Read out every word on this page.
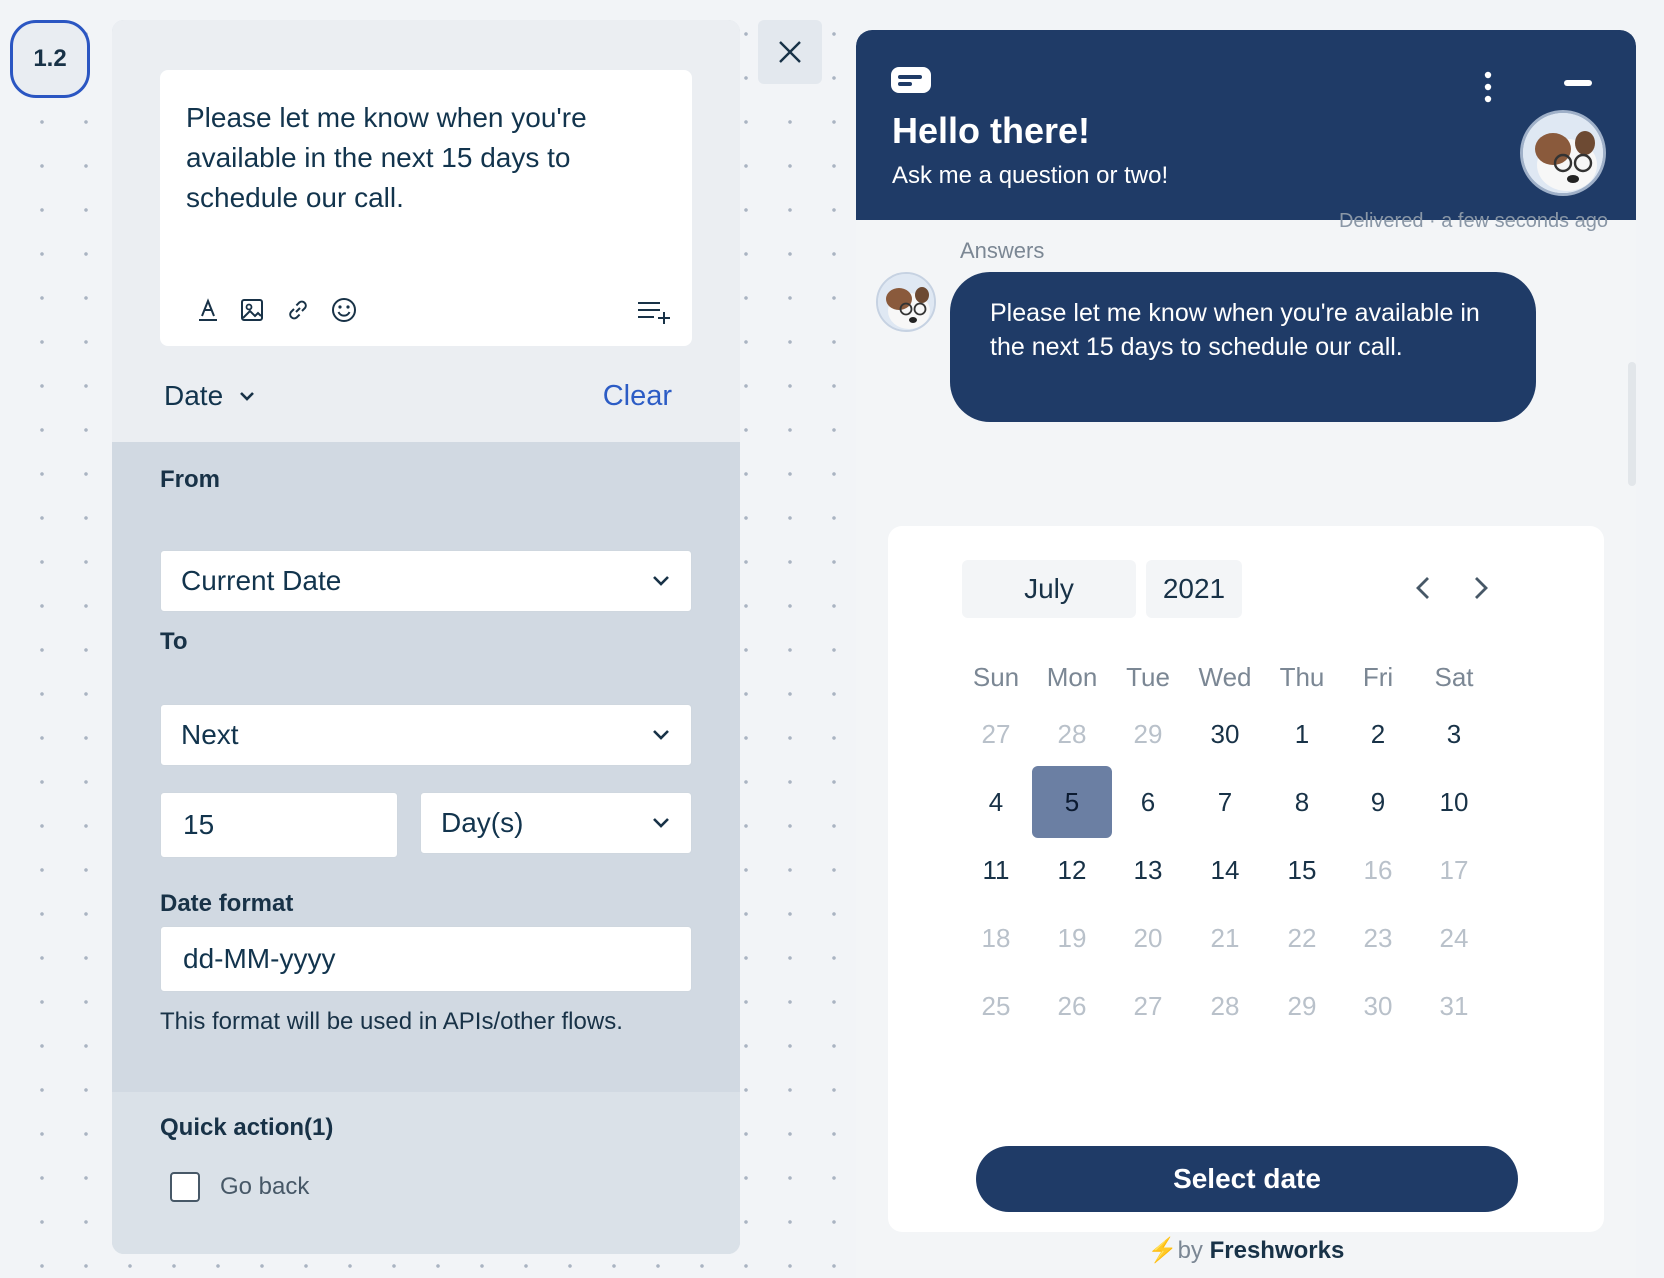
1.2
Please let me know when you're available in the next 15 days to schedule our call.
Date	Clear
From
Current Date
To
Next
15	Day(s)
Date format
dd-MM-yyyy
This format will be used in APIs/other flows.
Quick action(1)
Go back
Hello there!
Ask me a question or two!
Delivered · a few seconds ago
Answers
Please let me know when you're available in the next 15 days to schedule our call.
July	2021
Sun	Mon	Tue	Wed	Thu	Fri	Sat
27	28	29	30	1	2	3
4	5	6	7	8	9	10
11	12	13	14	15	16	17
18	19	20	21	22	23	24
25	26	27	28	29	30	31
Select date
⚡by Freshworks
